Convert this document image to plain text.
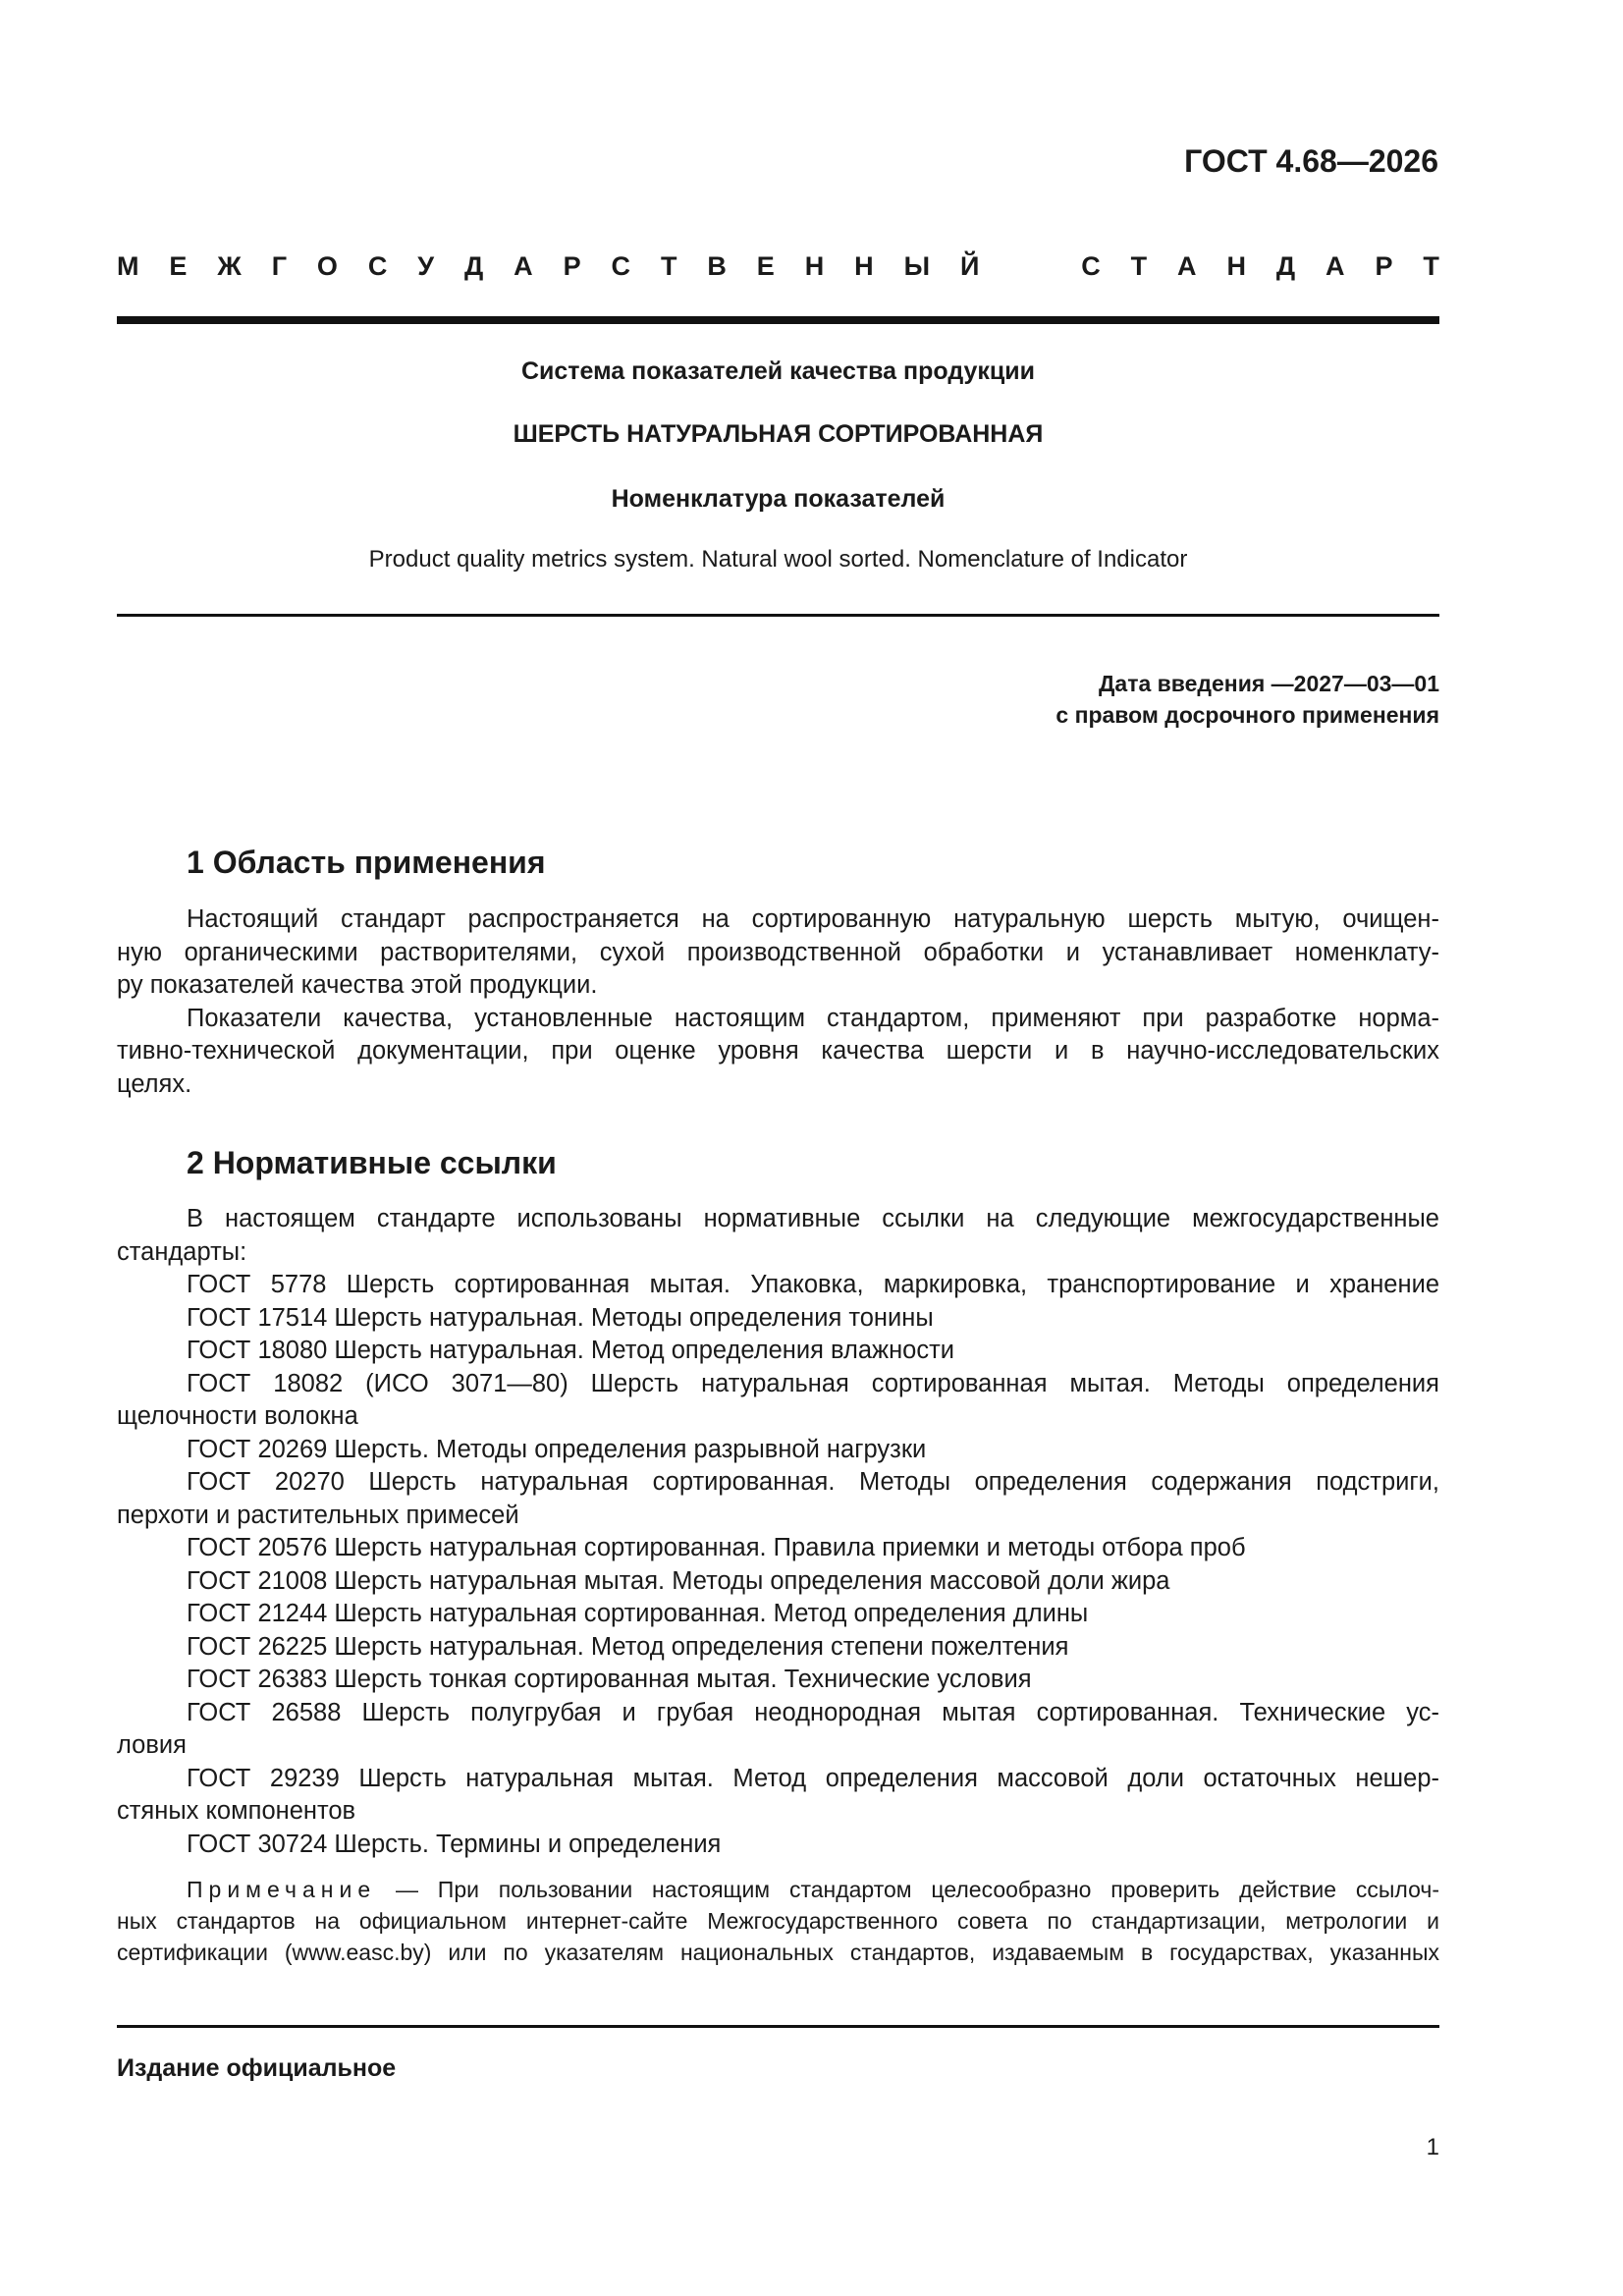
ГОСТ 4.68—2026
М Е Ж Г О С У Д А Р С Т В Е Н Н Ы Й	С Т А Н Д А Р Т
Система показателей качества продукции
ШЕРСТЬ НАТУРАЛЬНАЯ СОРТИРОВАННАЯ
Номенклатура показателей
Product quality metrics system. Natural wool sorted. Nomenclature of Indicator
Дата введения —2027—03—01
с правом досрочного применения
1 Область применения
Настоящий стандарт распространяется на сортированную натуральную шерсть мытую, очищен-
ную органическими растворителями, сухой производственной обработки и устанавливает номенклату-
ру показателей качества этой продукции.
Показатели качества, установленные настоящим стандартом, применяют при разработке норма-
тивно-технической документации, при оценке уровня качества шерсти и в научно-исследовательских
целях.
2 Нормативные ссылки
В настоящем стандарте использованы нормативные ссылки на следующие межгосударственные
стандарты:
ГОСТ 5778 Шерсть сортированная мытая. Упаковка, маркировка, транспортирование и хранение
ГОСТ 17514 Шерсть натуральная. Методы определения тонины
ГОСТ 18080 Шерсть натуральная. Метод определения влажности
ГОСТ 18082 (ИСО 3071—80) Шерсть натуральная сортированная мытая. Методы определения
щелочности волокна
ГОСТ 20269 Шерсть. Методы определения разрывной нагрузки
ГОСТ 20270 Шерсть натуральная сортированная. Методы определения содержания подстриги,
перхоти и растительных примесей
ГОСТ 20576 Шерсть натуральная сортированная. Правила приемки и методы отбора проб
ГОСТ 21008 Шерсть натуральная мытая. Методы определения массовой доли жира
ГОСТ 21244 Шерсть натуральная сортированная. Метод определения длины
ГОСТ 26225 Шерсть натуральная. Метод определения степени пожелтения
ГОСТ 26383 Шерсть тонкая сортированная мытая. Технические условия
ГОСТ 26588 Шерсть полугрубая и грубая неоднородная мытая сортированная. Технические ус-
ловия
ГОСТ 29239 Шерсть натуральная мытая. Метод определения массовой доли остаточных нешер-
стяных компонентов
ГОСТ 30724 Шерсть. Термины и определения
Примечание — При пользовании настоящим стандартом целесообразно проверить действие ссылоч-
ных стандартов на официальном интернет-сайте Межгосударственного совета по стандартизации, метрологии и
сертификации (www.easc.by) или по указателям национальных стандартов, издаваемым в государствах, указанных
Издание официальное
1
